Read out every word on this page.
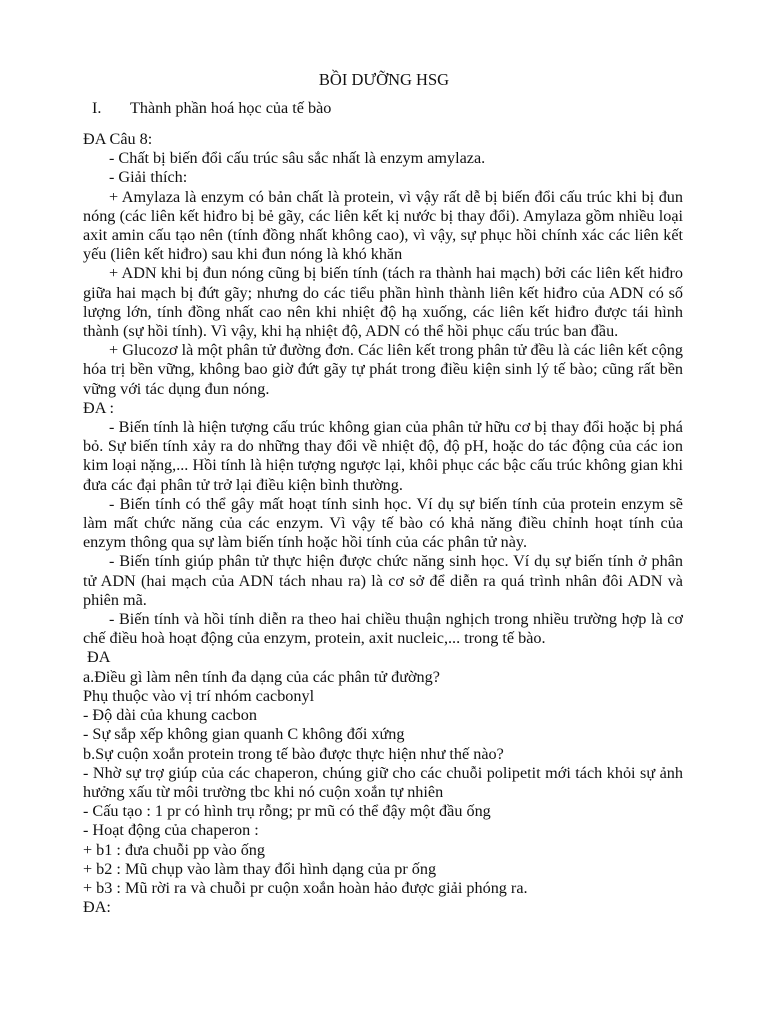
BỒI DƯỠNG HSG
I. Thành phần hoá học của tế bào

ĐA Câu 8:

- Chất bị biến đổi cấu trúc sâu sắc nhất là enzym amylaza.

- Giải thích:

+ Amylaza là enzym có bản chất là protein, vì vậy rất dễ bị biến đổi cấu trúc khi bị đun nóng (các liên kết hiđro bị bẻ gãy, các liên kết kị nước bị thay đổi). Amylaza gồm nhiều loại axit amin cấu tạo nên (tính đồng nhất không cao), vì vậy, sự phục hồi chính xác các liên kết yếu (liên kết hiđro) sau khi đun nóng là khó khăn

+ ADN khi bị đun nóng cũng bị biến tính (tách ra thành hai mạch) bởi các liên kết hiđro giữa hai mạch bị đứt gãy; nhưng do các tiểu phần hình thành liên kết hiđro của ADN có số lượng lớn, tính đồng nhất cao nên khi nhiệt độ hạ xuống, các liên kết hiđro được tái hình thành (sự hồi tính). Vì vậy, khi hạ nhiệt độ, ADN có thể hồi phục cấu trúc ban đầu.

+ Glucozơ là một phân tử đường đơn. Các liên kết trong phân tử đều là các liên kết cộng hóa trị bền vững, không bao giờ đứt gãy tự phát trong điều kiện sinh lý tế bào; cũng rất bền vững với tác dụng đun nóng.

ĐA :

- Biến tính là hiện tượng cấu trúc không gian của phân tử hữu cơ bị thay đổi hoặc bị phá bỏ. Sự biến tính xảy ra do những thay đổi về nhiệt độ, độ pH, hoặc do tác động của các ion kim loại nặng,... Hồi tính là hiện tượng ngược lại, khôi phục các bậc cấu trúc không gian khi đưa các đại phân tử trở lại điều kiện bình thường.

- Biến tính có thể gây mất hoạt tính sinh học. Ví dụ sự biến tính của protein enzym sẽ làm mất chức năng của các enzym. Vì vậy tế bào có khả năng điều chỉnh hoạt tính của enzym thông qua sự làm biến tính hoặc hồi tính của các phân tử này.

- Biến tính giúp phân tử thực hiện được chức năng sinh học. Ví dụ sự biến tính ở phân tử ADN (hai mạch của ADN tách nhau ra) là cơ sở để diễn ra quá trình nhân đôi ADN và phiên mã.

- Biến tính và hồi tính diễn ra theo hai chiều thuận nghịch trong nhiều trường hợp là cơ chế điều hoà hoạt động của enzym, protein, axit nucleic,... trong tế bào.

ĐA

a.Điều gì làm nên tính đa dạng của các phân tử đường?

Phụ thuộc vào vị trí nhóm cacbonyl

- Độ dài của khung cacbon

- Sự sắp xếp không gian quanh C không đối xứng

b.Sự cuộn xoắn protein trong tế bào được thực hiện như thế nào?

- Nhờ sự trợ giúp của các chaperon, chúng giữ cho các chuỗi polipetit mới tách khỏi sự ảnh hưởng xấu từ môi trường tbc khi nó cuộn xoắn tự nhiên

- Cấu tạo : 1 pr có hình trụ rỗng; pr mũ có thể đậy một đầu ống

- Hoạt động của chaperon :

+ b1 : đưa chuỗi pp vào ống

+ b2 : Mũ chụp vào làm thay đổi hình dạng của pr ống

+ b3 : Mũ rời ra và chuỗi pr cuộn xoắn hoàn hảo được giải phóng ra.

ĐA:
